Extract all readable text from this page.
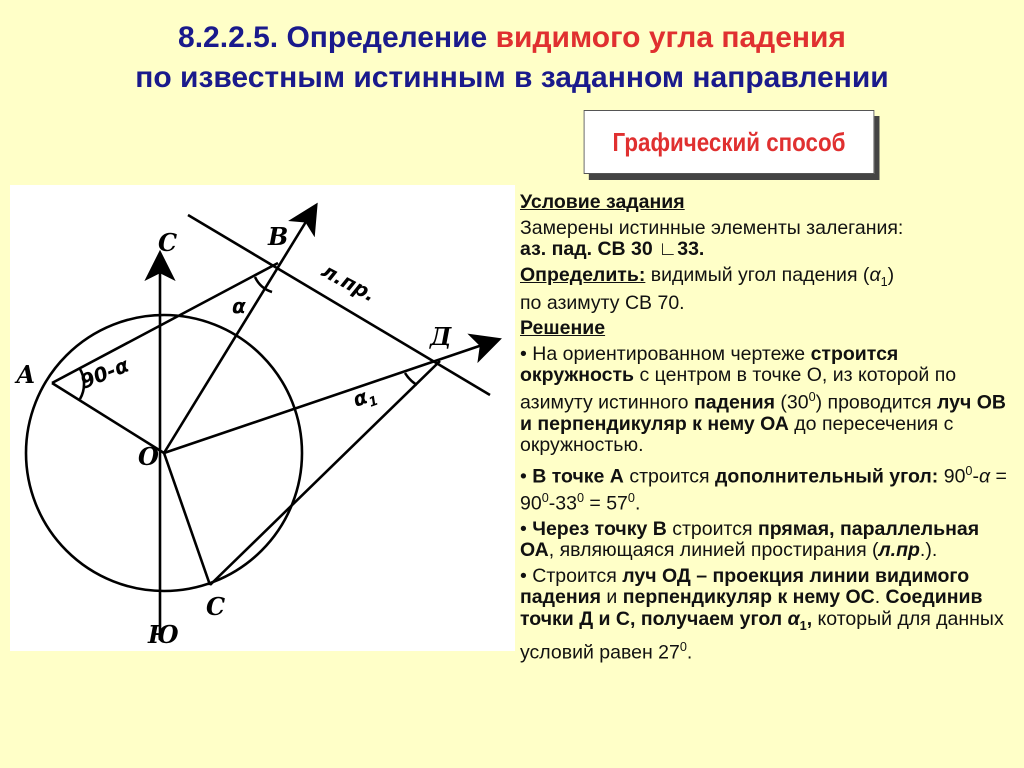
8.2.2.5. Определение видимого угла падения
по известным истинным в заданном направлении
Графический способ
С
Ю
О
А
В
С
Д
л.пр.
90-α
α
$\alpha_1$

Условие задания

Замерены истинные элементы залегания:
аз. пад. СВ 30 ∟33.

Определить: видимый угол падения $(\alpha_1)$
по азимуту СВ 70.

Решение

• На ориентированном чертеже строится окружность с центром в точке О, из которой по азимуту истинного падения $(30^0)$ проводится луч ОВ и перпендикуляр к нему ОА до пересечения с окружностью.

• В точке А строится дополнительный угол: $90^0-\alpha = 90^0-33^0 = 57^0$.

• Через точку В строится прямая, параллельная ОА, являющаяся линией простирания (л.пр.).

• Строится луч ОД – проекция линии видимого падения и перпендикуляр к нему ОС. Соединив точки Д и С, получаем угол $\alpha_1$, который для данных условий равен $27^0$.
